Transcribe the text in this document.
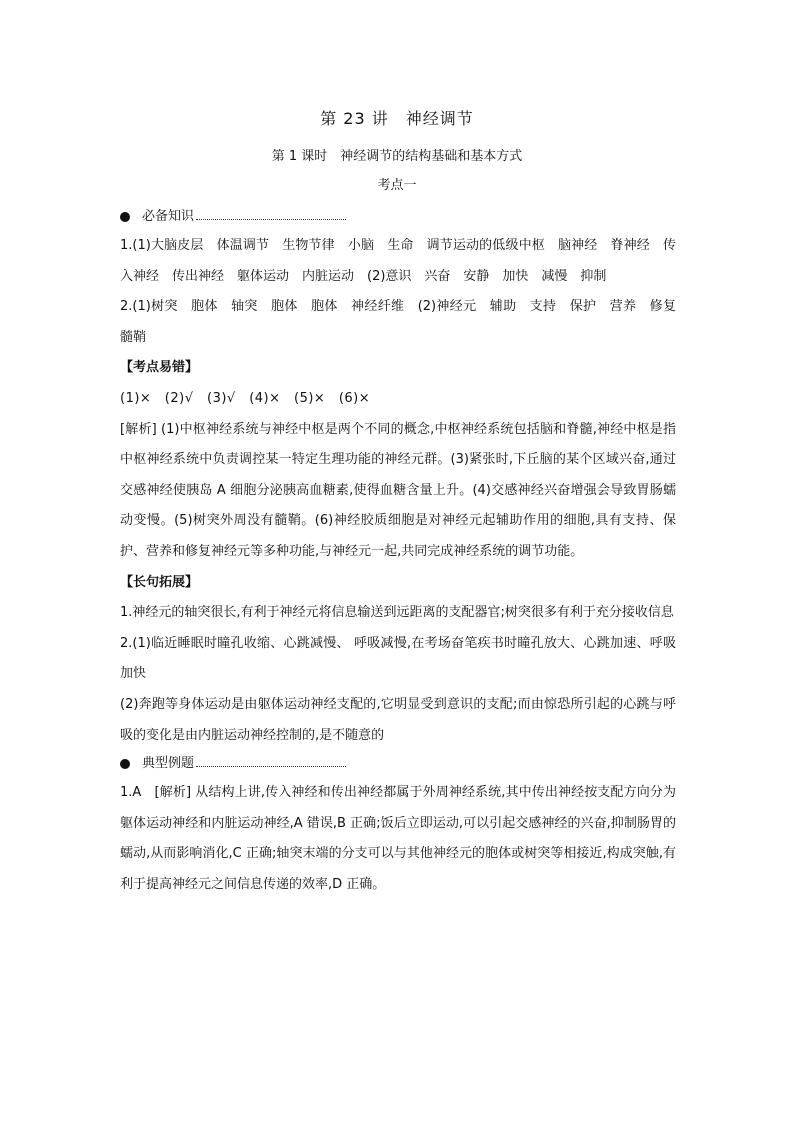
第 23 讲　神经调节
第 1 课时　神经调节的结构基础和基本方式
考点一
必备知识

1.(1)大脑皮层　体温调节　生物节律　小脑　生命　调节运动的低级中枢　脑神经　脊神经　传入神经　传出神经　躯体运动　内脏运动　(2)意识　兴奋　安静　加快　减慢　抑制

2.(1)树突　胞体　轴突　胞体　胞体　神经纤维　(2)神经元　辅助　支持　保护　营养　修复　髓鞘

【考点易错】

(1)×　(2)√　(3)√　(4)×　(5)×　(6)×

[解析] (1)中枢神经系统与神经中枢是两个不同的概念,中枢神经系统包括脑和脊髓,神经中枢是指中枢神经系统中负责调控某一特定生理功能的神经元群。(3)紧张时,下丘脑的某个区域兴奋,通过交感神经使胰岛 A 细胞分泌胰高血糖素,使得血糖含量上升。(4)交感神经兴奋增强会导致胃肠蠕动变慢。(5)树突外周没有髓鞘。(6)神经胶质细胞是对神经元起辅助作用的细胞,具有支持、保护、营养和修复神经元等多种功能,与神经元一起,共同完成神经系统的调节功能。

【长句拓展】

1.神经元的轴突很长,有利于神经元将信息输送到远距离的支配器官;树突很多有利于充分接收信息

2.(1)临近睡眠时瞳孔收缩、心跳减慢、 呼吸减慢,在考场奋笔疾书时瞳孔放大、心跳加速、呼吸加快

(2)奔跑等身体运动是由躯体运动神经支配的,它明显受到意识的支配;而由惊恐所引起的心跳与呼吸的变化是由内脏运动神经控制的,是不随意的

典型例题

1.A　[解析] 从结构上讲,传入神经和传出神经都属于外周神经系统,其中传出神经按支配方向分为躯体运动神经和内脏运动神经,A 错误,B 正确;饭后立即运动,可以引起交感神经的兴奋,抑制肠胃的蠕动,从而影响消化,C 正确;轴突末端的分支可以与其他神经元的胞体或树突等相接近,构成突触,有利于提高神经元之间信息传递的效率,D 正确。
